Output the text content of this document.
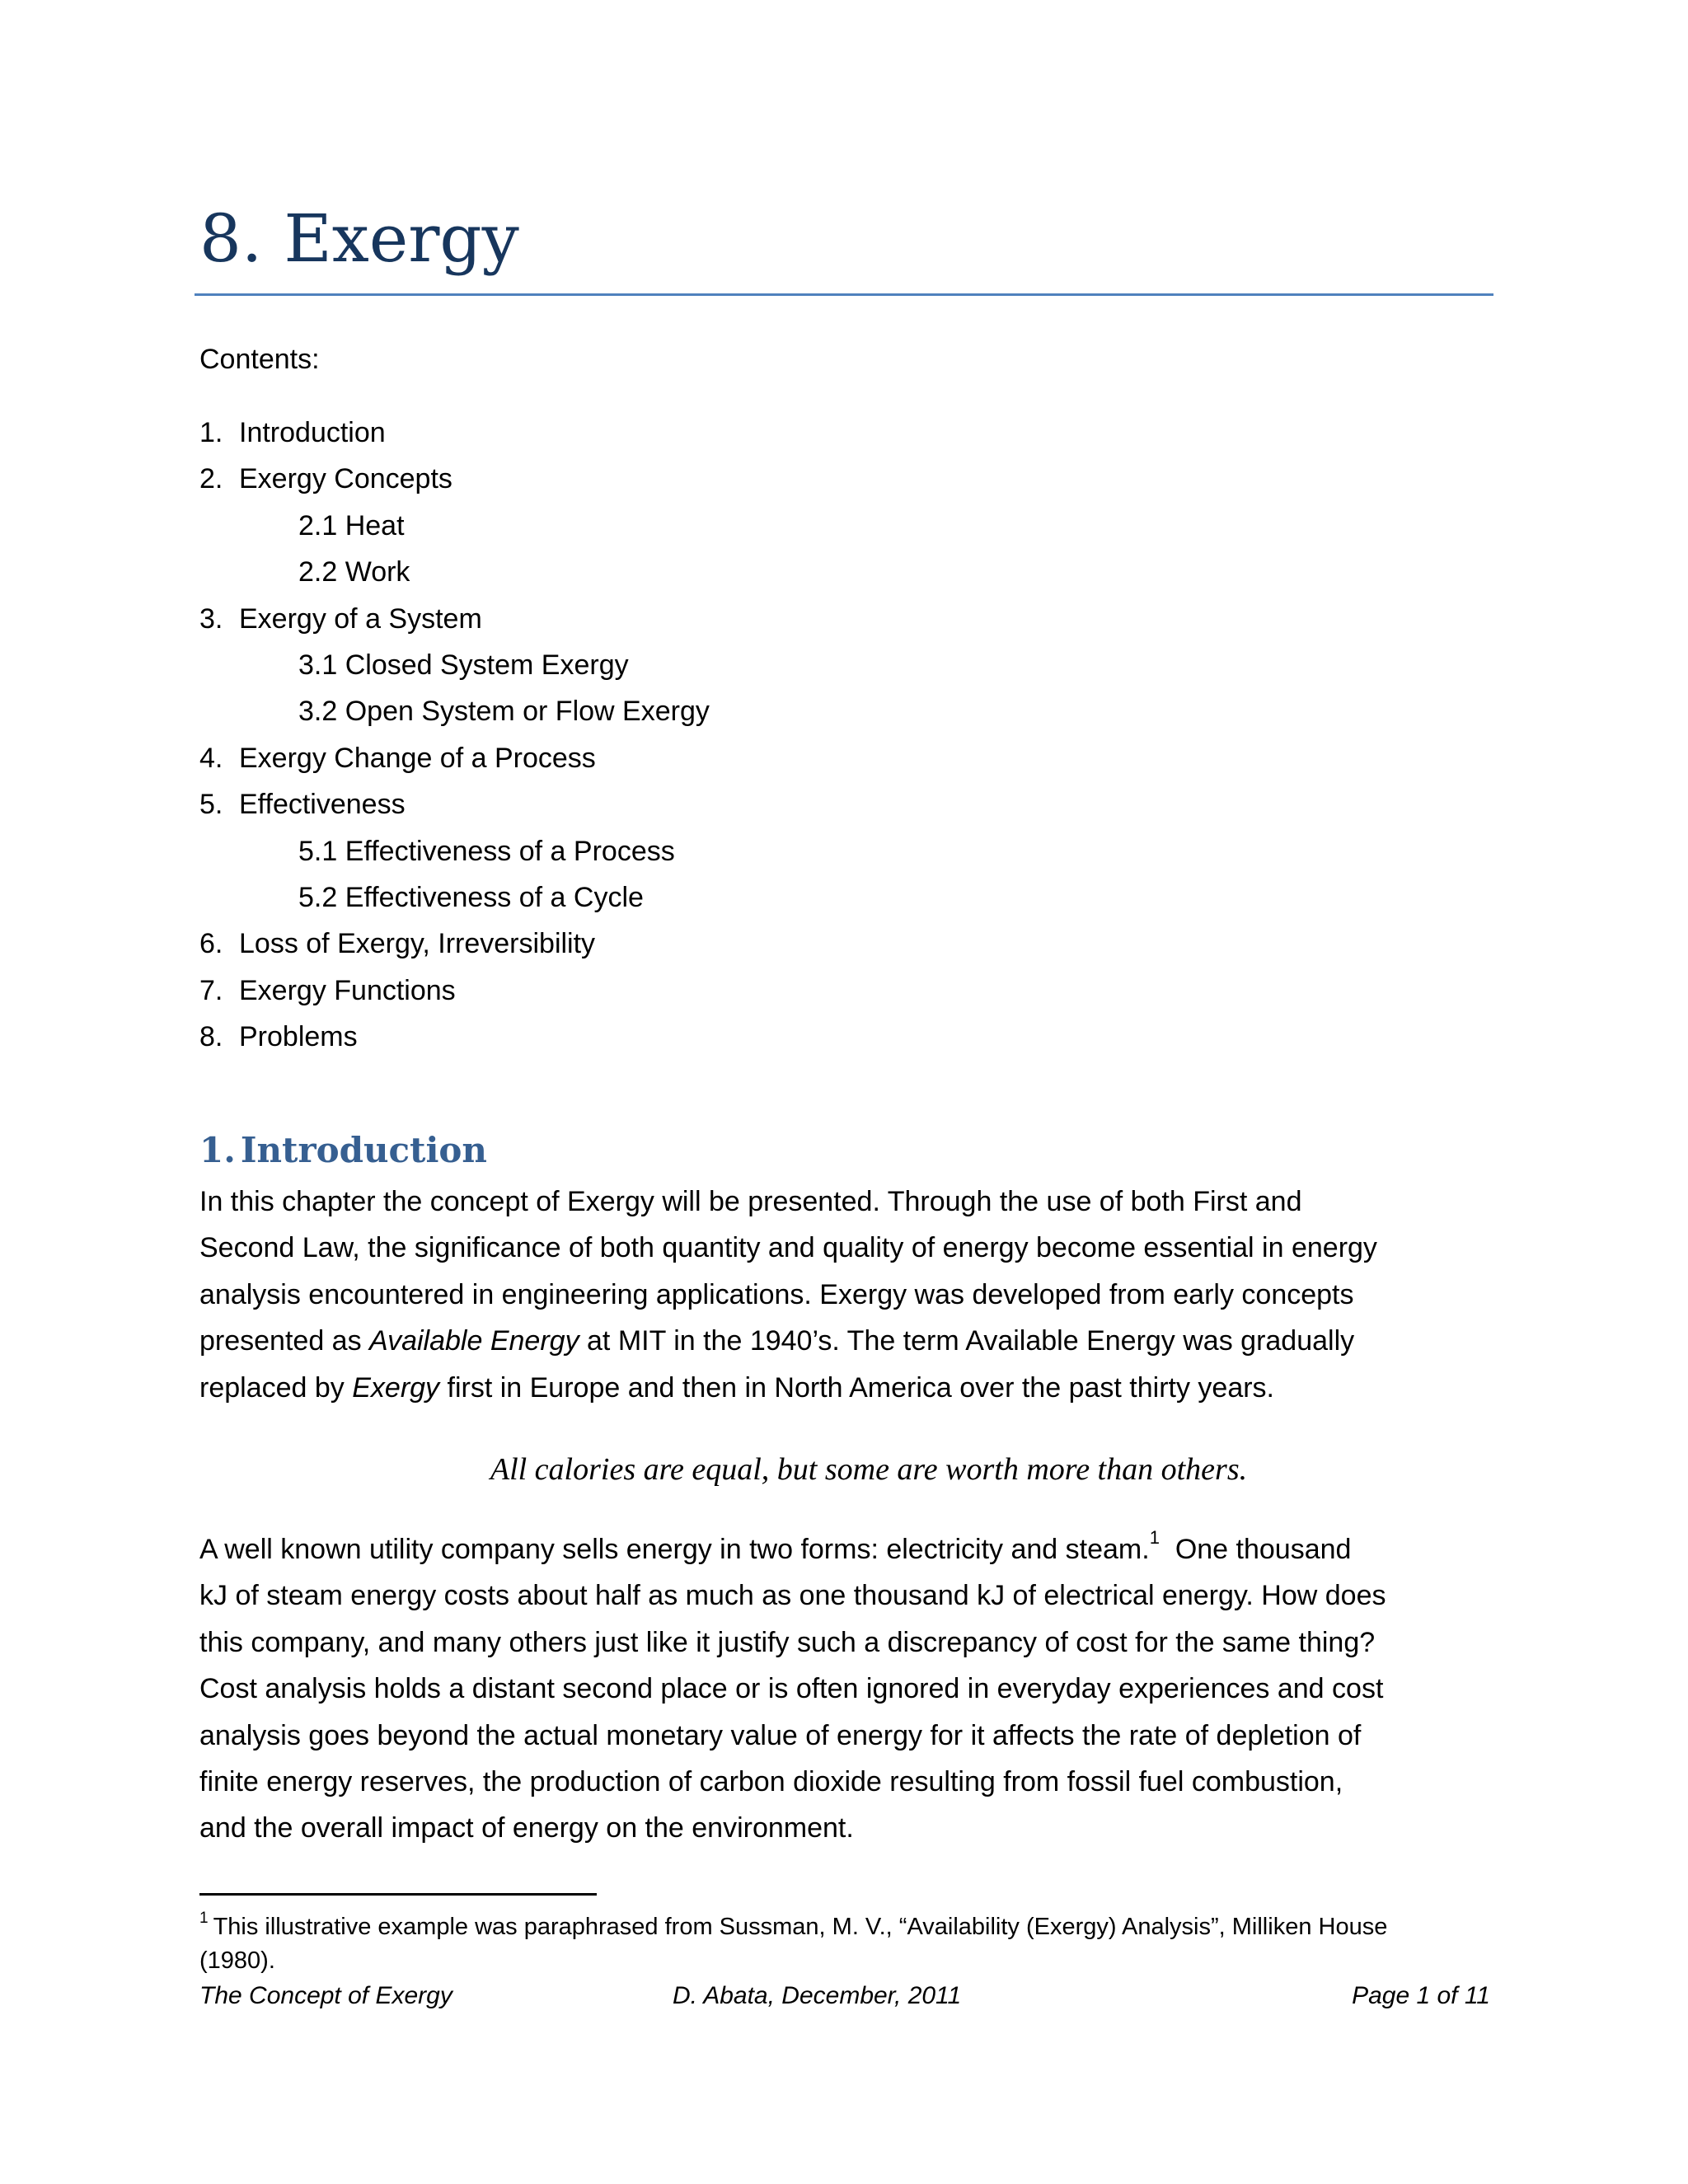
8. Exergy
Contents:
1. Introduction
2. Exergy Concepts
2.1 Heat
2.2 Work
3. Exergy of a System
3.1 Closed System Exergy
3.2 Open System or Flow Exergy
4. Exergy Change of a Process
5. Effectiveness
5.1 Effectiveness of a Process
5.2 Effectiveness of a Cycle
6. Loss of Exergy, Irreversibility
7. Exergy Functions
8. Problems
1. Introduction

In this chapter the concept of Exergy will be presented. Through the use of both First and
Second Law, the significance of both quantity and quality of energy become essential in energy
analysis encountered in engineering applications. Exergy was developed from early concepts
presented as Available Energy at MIT in the 1940’s. The term Available Energy was gradually
replaced by Exergy first in Europe and then in North America over the past thirty years.

All calories are equal, but some are worth more than others.

A well known utility company sells energy in two forms: electricity and steam.$^1$  One thousand
kJ of steam energy costs about half as much as one thousand kJ of electrical energy. How does
this company, and many others just like it justify such a discrepancy of cost for the same thing?
Cost analysis holds a distant second place or is often ignored in everyday experiences and cost
analysis goes beyond the actual monetary value of energy for it affects the rate of depletion of
finite energy reserves, the production of carbon dioxide resulting from fossil fuel combustion,
and the overall impact of energy on the environment.

$^1$ This illustrative example was paraphrased from Sussman, M. V., “Availability (Exergy) Analysis”, Milliken House
(1980).

The Concept of Exergy	D. Abata, December, 2011	Page 1 of 11
